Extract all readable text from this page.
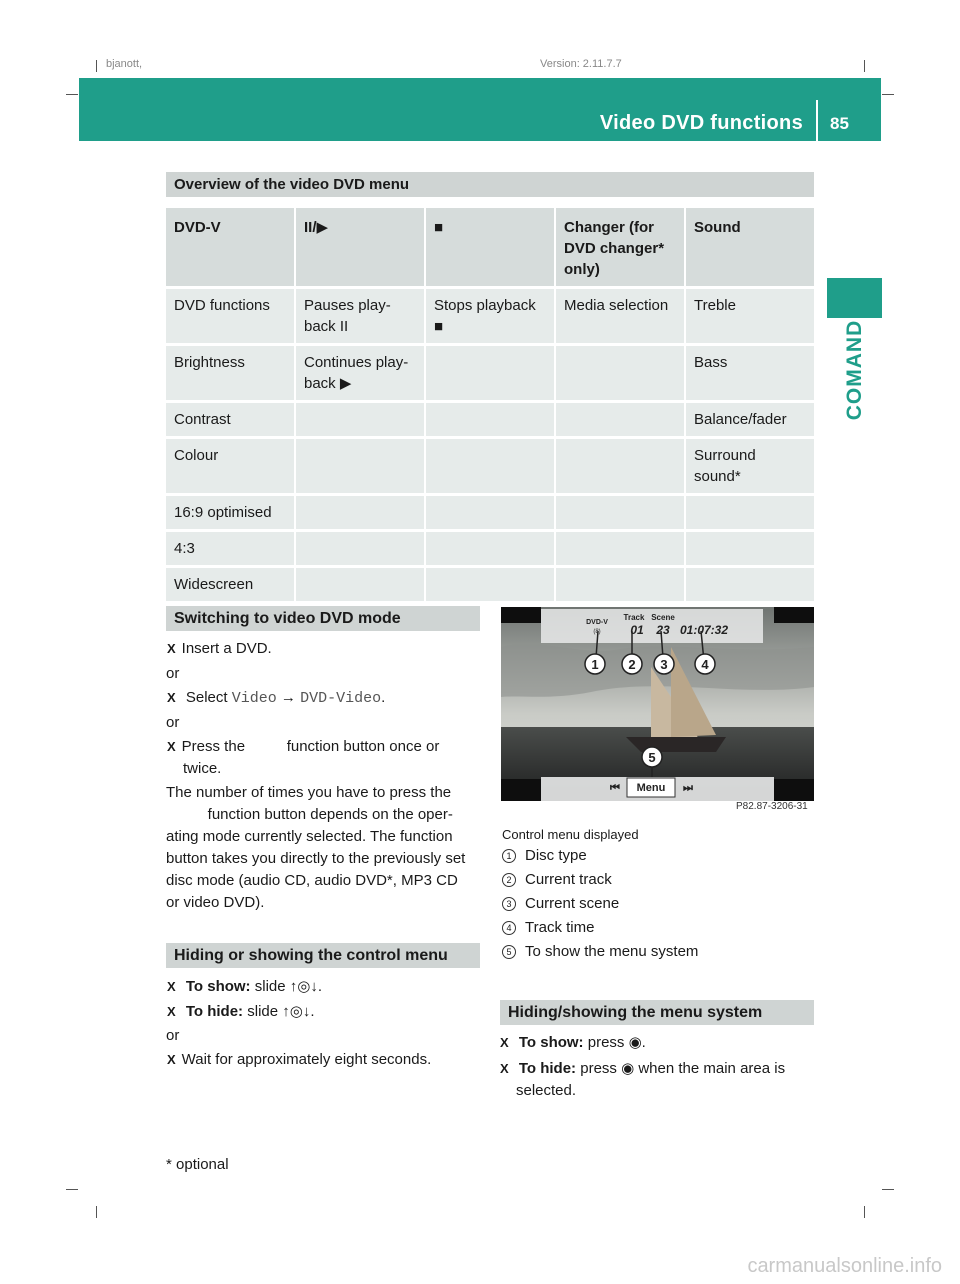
bjanott,	Version: 2.11.7.7
Video DVD functions 85
COMAND
Overview of the video DVD menu
DVD-V	II/▶	■	Changer (for DVD changer* only)	Sound
DVD functions	Pauses play-back II	Stops playback ■	Media selection	Treble
Brightness	Continues play-back ▶			Bass
Contrast				Balance/fader
Colour				Surround sound*
16:9 optimised				
4:3				
Widescreen				
Switching to video DVD mode
X Insert a DVD.
or
X Select Video → DVD-Video.
or
X Press the          function button once or
twice.
The number of times you have to press the
function button depends on the oper-
ating mode currently selected. The function
button takes you directly to the previously set
disc mode (audio CD, audio DVD*, MP3 CD
or video DVD).
Hiding or showing the control menu
X To show: slide ↑◎↓.
X To hide: slide ↑◎↓.
or
X Wait for approximately eight seconds.
1 2 3	4
5
DVD-V
(8)
Track Scene
01 23 01:07:32
Menu
⏮	⏭
P82.87-3206-31
Control menu displayed
1 Disc type
2 Current track
3 Current scene
4 Track time
5 To show the menu system
Hiding/showing the menu system
X To show: press ◉.
X To hide: press ◉ when the main area is
selected.
* optional
carmanualsonline.info
